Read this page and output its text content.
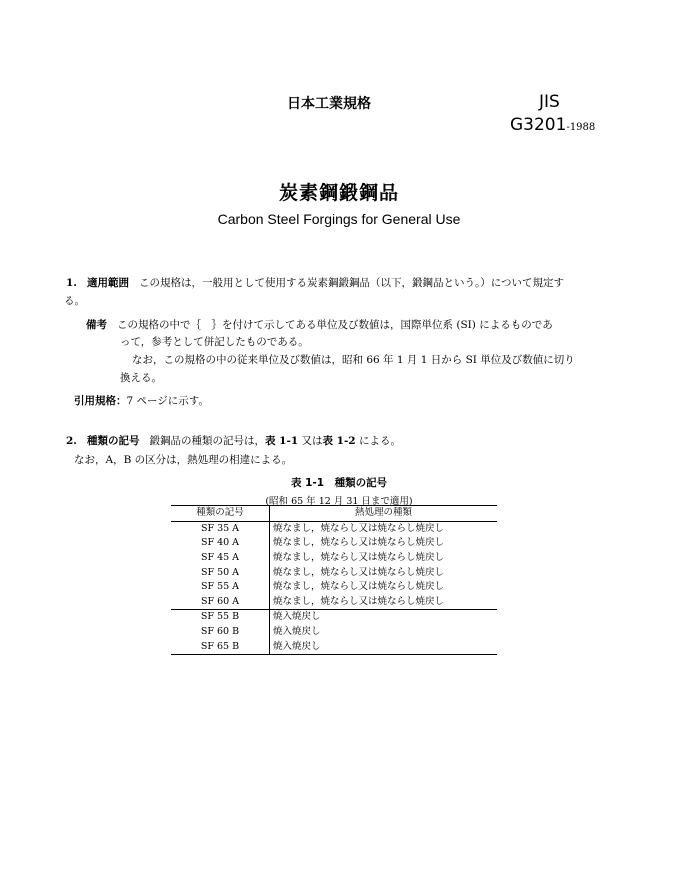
日本工業規格	JIS
G3201-1988
炭素鋼鍛鋼品
Carbon Steel Forgings for General Use
1. 適用範囲 この規格は，一般用として使用する炭素鋼鍛鋼品（以下，鍛鋼品という。）について規定す
る。
備考 この規格の中で｛　｝を付けて示してある単位及び数値は，国際単位系 (SI) によるものであ
って，参考として併記したものである。
なお，この規格の中の従来単位及び数値は，昭和 66 年 1 月 1 日から SI 単位及び数値に切り
換える。
引用規格：7 ページに示す。
2. 種類の記号 鍛鋼品の種類の記号は，表 1-1 又は表 1-2 による。
なお，A，B の区分は，熱処理の相違による。
表 1-1　種類の記号
(昭和 65 年 12 月 31 日まで適用)
種類の記号	熱処理の種類
SF 35 A	焼なまし，焼ならし又は焼ならし焼戻し
SF 40 A	焼なまし，焼ならし又は焼ならし焼戻し
SF 45 A	焼なまし，焼ならし又は焼ならし焼戻し
SF 50 A	焼なまし，焼ならし又は焼ならし焼戻し
SF 55 A	焼なまし，焼ならし又は焼ならし焼戻し
SF 60 A	焼なまし，焼ならし又は焼ならし焼戻し
SF 55 B	焼入焼戻し
SF 60 B	焼入焼戻し
SF 65 B	焼入焼戻し
